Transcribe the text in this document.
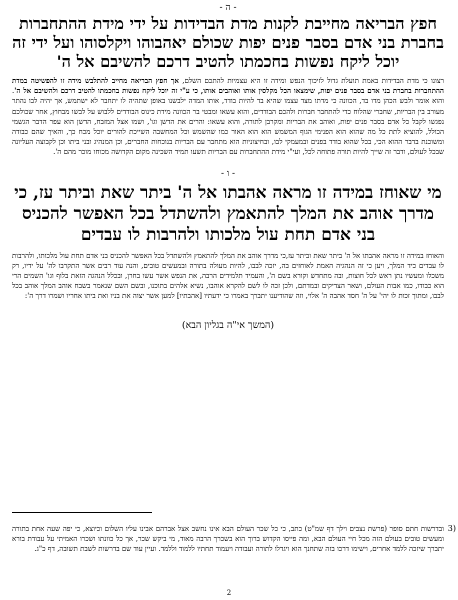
- ה -
חפץ הבריאה מחייבת לקנות מדת הבדידות על ידי מידת ההתחברות בחברת בני אדם בסבר פנים יפות שכולם יאהבוהו ויקלסוהו ועל ידי זה יוכל ליקח נפשות בחכמתו להטיב דרכם להשיבם אל ה'

רצונו כי מדת הבדידות באמת תועלת גדול לזיכוך הנפש ומידה זו היא עצמיות להתכם השלם, אך חפץ הבריאה מחייב להתלבש מידה זו להפשיטה במדת ההתחברות בחברת בני אדם בסבר פנים יפות, שימצאו הכל מקלסין אותו ואוהבים אותו, כי ע"י זה יוכל ליקח נפשות בחכמתו להטיב דרכם ולהשיבם אל ה'. והוא אומר ולבש הכהן מדו בד, הכוונה כי מדתו מצד עצמו שהיא בד להיות בודד, אותו המדה ילבשנו באופן שתהיה לו יתחבר לא ישתמש, אך יהיה לבו נהתר מעורב בין הבריות, שחברי שהלוח כדי להתחבר חברות ולהכם הבודדים, והוא עשאו ומבטי בר הכוונה מידת כינוס הבודדים ללבוש על לבשו מבחוץ, אחר שכולכם נפגשו לקבל כל אדם בסבר פנים יפות, ואוהב את הבריות ומקרבן לתורה, והוא עשאו: והרים את הדשן וגו', ושמו אצל המזבח, הדשן הוא עפר הדבר הגשמי הכולל, להוציא לתת כל מה שהוא הוא הפנימי הגוף המשמש הוא הוא האור כמו שהשמש וכל המחשבה השייכת להורים יוכל מכח כך, והאיך שהם כבודה ומשוכנת בדבר ההוא הכי, בכל שהוא בודד בפנים ובמעמקי לבו, ובחיצוניות הוא מתחבר עם הבריות בנוכחות החברים, וכן המנהיג ובני ביתו וכן לקבוצה העליונה שבכל לעולם, ודבר זה שייך להיות תורה פתוחה לכל, ועי"י מידת ההתחברות עם הבריות תשעו תמיד השכינה מקום הקדושה מכוחו מוכר מהם ה'.

- ו -
מי שאוחז במידה זו מראה אהבתו אל ה' ביתר שאת וביתר עז, כי מדרך אוהב את המלך להתאמץ ולהשתדל בכל האפשר להכניס בני אדם תחת עול מלכותו ולהרבות לו עבדים

והאוחז במידה זו מראה אהבתו אל ה' ביתר שאת וביתר עז,כי מדרך אוהב את המלך להתאמץ ולהשתדל בכל האפשר להכניס בני אדם תחת עול מלכותו, ולהרבות לו עבדים כיד המלך, ויען כי זה הנהגיה האמת לאוחזים בה, יזכה לבבו, להיות מעולה בתורה ובמעשים טובים, והנה עוד רבים אשר התקרבו לה' על ידיו, רק משכלו ומעשיו נתן ראש לכל חוצות, ובה מתחדש וקורא בשם ה', והעמיד תלמידים הרבה, את הנפש אשר עשו בחרן, ובכלל הנהגה הזאת בלוף וגו' השמים הרי הוא כבודו, כמו אבות העולם, ושאר הצדיקים ובמדתם, ולכן זכה לו לשם להקרא אוהבו, נשיא אלהים בתוכנו, ובשם השם שנאמר בשבח אוהב המלך אוהב בכל לבבו, ומתוך זכות לו יהי' על ה' חסד אהבה ה' אלוי, וזה שהודיענו יתברך באמרו כי ידעתיו [אהבתיו] למען אשר יצוה את בניו ואת ביתו אחריו ושמרו דרך ה':

(המשך אי"ה בגליון הבא)
3)
ובדרשות חתם סופר (פרשת נצבים וילך דף שמ"ט) כתב, כי כל שכר העולם הבא אינו נחשב אצל אברהם אבינו עליו השלום וכיוצא, כי יפה שעה אחת בתורה ומעשים טובים בעולם הזה מכל חיי העולם הבא, ומה פייסו הקדוש ברוך הוא בשכרך הרבה מאוד, מי ביקש שכר, אך כל כוונתו ושכרו האמיתי על עבודת בורא יתברך שיזכה ללמד אחרים, וישימו דרכו בזה שתחנך הוא ויגדלו לתורה ועבודה ויעמוד תחתיו ללמוד וללמד. ועיין עוד שם בדרשות לשבת תשובה, דף כ"ג.
2
